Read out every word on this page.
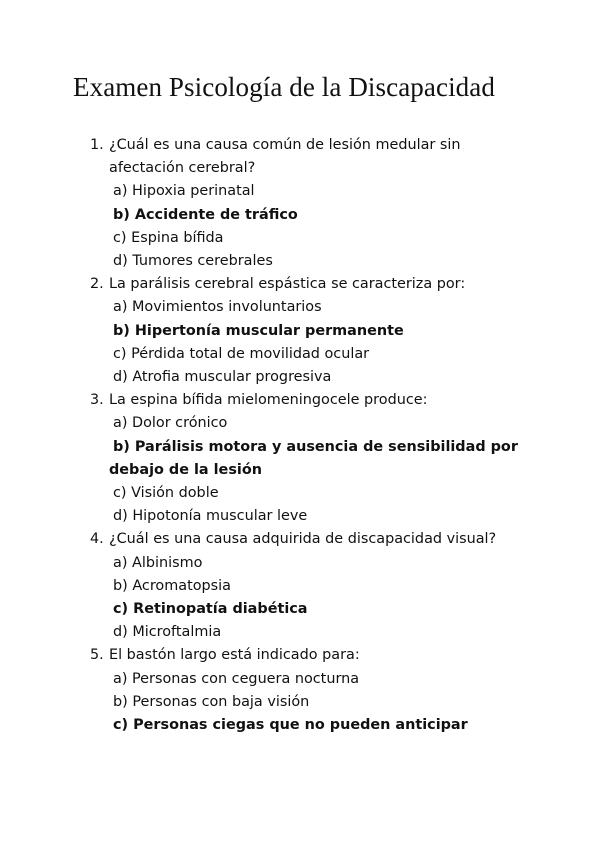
Examen Psicología de la Discapacidad
1. ¿Cuál es una causa común de lesión medular sin
afectación cerebral?
a) Hipoxia perinatal
b) Accidente de tráfico
c) Espina bífida
d) Tumores cerebrales
2. La parálisis cerebral espástica se caracteriza por:
a) Movimientos involuntarios
b) Hipertonía muscular permanente
c) Pérdida total de movilidad ocular
d) Atrofia muscular progresiva
3. La espina bífida mielomeningocele produce:
a) Dolor crónico
b) Parálisis motora y ausencia de sensibilidad por
debajo de la lesión
c) Visión doble
d) Hipotonía muscular leve
4. ¿Cuál es una causa adquirida de discapacidad visual?
a) Albinismo
b) Acromatopsia
c) Retinopatía diabética
d) Microftalmia
5. El bastón largo está indicado para:
a) Personas con ceguera nocturna
b) Personas con baja visión
c) Personas ciegas que no pueden anticipar
